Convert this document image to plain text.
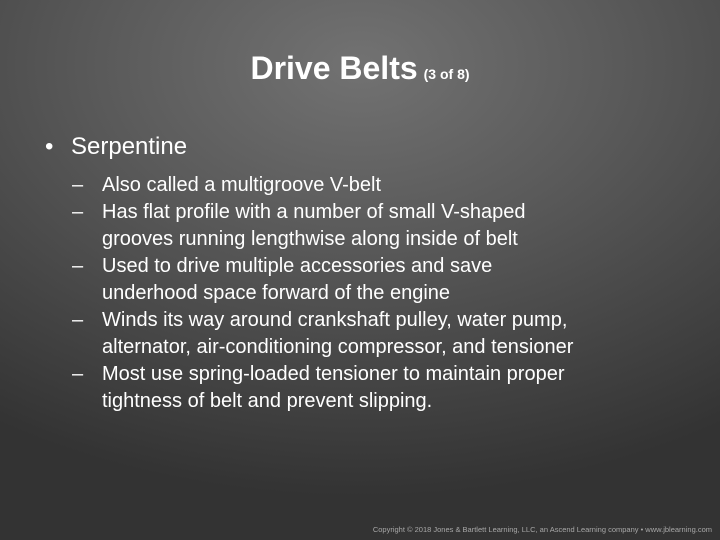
Drive Belts (3 of 8)
• Serpentine
– Also called a multigroove V-belt
– Has flat profile with a number of small V-shaped
grooves running lengthwise along inside of belt
– Used to drive multiple accessories and save
underhood space forward of the engine
– Winds its way around crankshaft pulley, water pump,
alternator, air-conditioning compressor, and tensioner
– Most use spring-loaded tensioner to maintain proper
tightness of belt and prevent slipping.
Copyright © 2018 Jones & Bartlett Learning, LLC, an Ascend Learning company • www.jblearning.com
